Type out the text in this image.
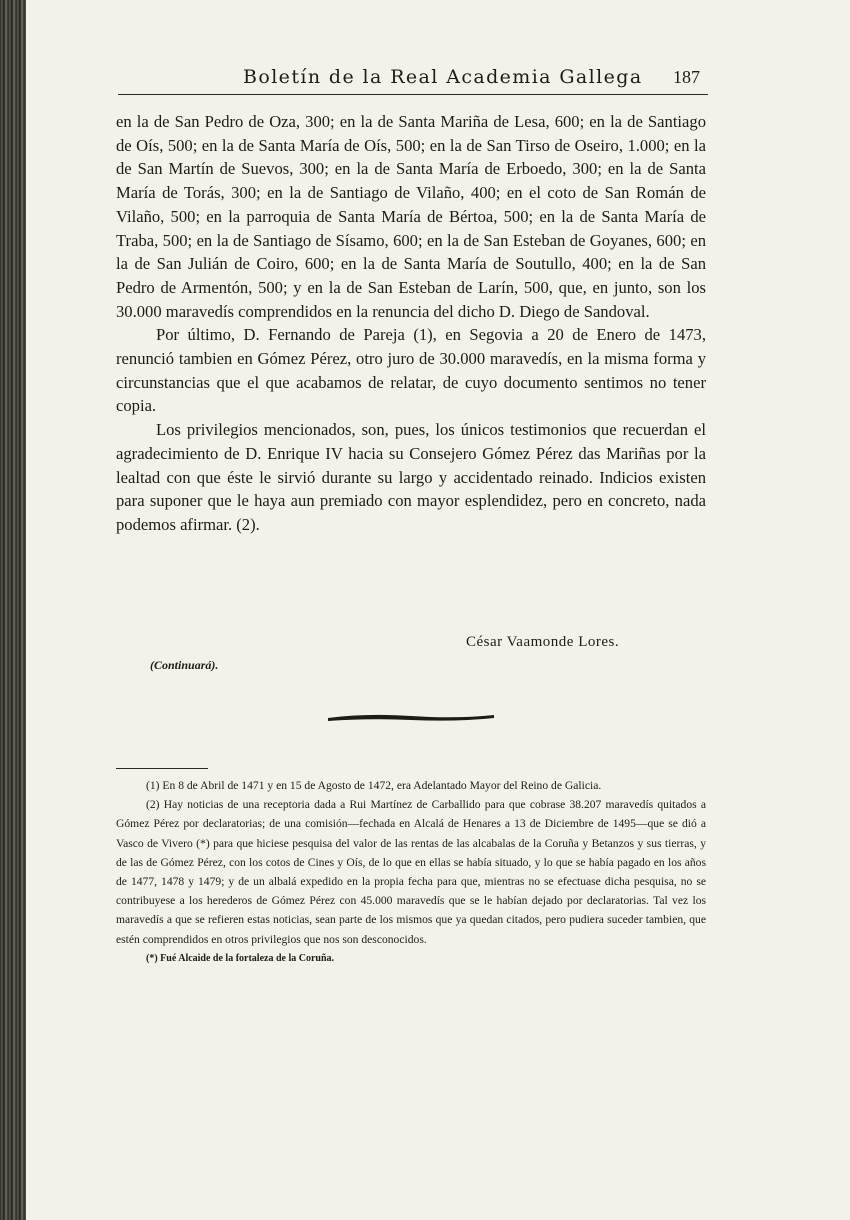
Boletín de la Real Academia Gallega 187

en la de San Pedro de Oza, 300; en la de Santa Mariña de Lesa, 600; en la de Santiago de Oís, 500; en la de Santa María de Oís, 500; en la de San Tirso de Oseiro, 1.000; en la de San Martín de Suevos, 300; en la de Santa María de Erboedo, 300; en la de Santa María de Torás, 300; en la de Santiago de Vilaño, 400; en el coto de San Román de Vilaño, 500; en la parroquia de Santa María de Bértoa, 500; en la de Santa María de Traba, 500; en la de Santiago de Sísamo, 600; en la de San Esteban de Goyanes, 600; en la de San Julián de Coiro, 600; en la de Santa María de Soutullo, 400; en la de San Pedro de Armentón, 500; y en la de San Esteban de Larín, 500, que, en junto, son los 30.000 maravedís comprendidos en la renuncia del dicho D. Diego de Sandoval.

Por último, D. Fernando de Pareja (1), en Segovia a 20 de Enero de 1473, renunció tambien en Gómez Pérez, otro juro de 30.000 maravedís, en la misma forma y circunstancias que el que acabamos de relatar, de cuyo documento sentimos no tener copia.

Los privilegios mencionados, son, pues, los únicos testimonios que recuerdan el agradecimiento de D. Enrique IV hacia su Consejero Gómez Pérez das Mariñas por la lealtad con que éste le sirvió durante su largo y accidentado reinado. Indicios existen para suponer que le haya aun premiado con mayor esplendidez, pero en concreto, nada podemos afirmar. (2).

César Vaamonde Lores.
(Continuará).

(1) En 8 de Abril de 1471 y en 15 de Agosto de 1472, era Adelantado Mayor del Reino de Galicia.

(2) Hay noticias de una receptoria dada a Rui Martínez de Carballido para que cobrase 38.207 maravedís quitados a Gómez Pérez por declaratorias; de una comisión—fechada en Alcalá de Henares a 13 de Diciembre de 1495—que se dió a Vasco de Vivero (*) para que hiciese pesquisa del valor de las rentas de las alcabalas de la Coruña y Betanzos y sus tierras, y de las de Gómez Pérez, con los cotos de Cines y Oís, de lo que en ellas se había situado, y lo que se había pagado en los años de 1477, 1478 y 1479; y de un albalá expedido en la propia fecha para que, mientras no se efectuase dicha pesquisa, no se contribuyese a los herederos de Gómez Pérez con 45.000 maravedís que se le habían dejado por declaratorias. Tal vez los maravedís a que se refieren estas noticias, sean parte de los mismos que ya quedan citados, pero pudiera suceder tambien, que estén comprendidos en otros privilegios que nos son desconocidos.

(*) Fué Alcaide de la fortaleza de la Coruña.
